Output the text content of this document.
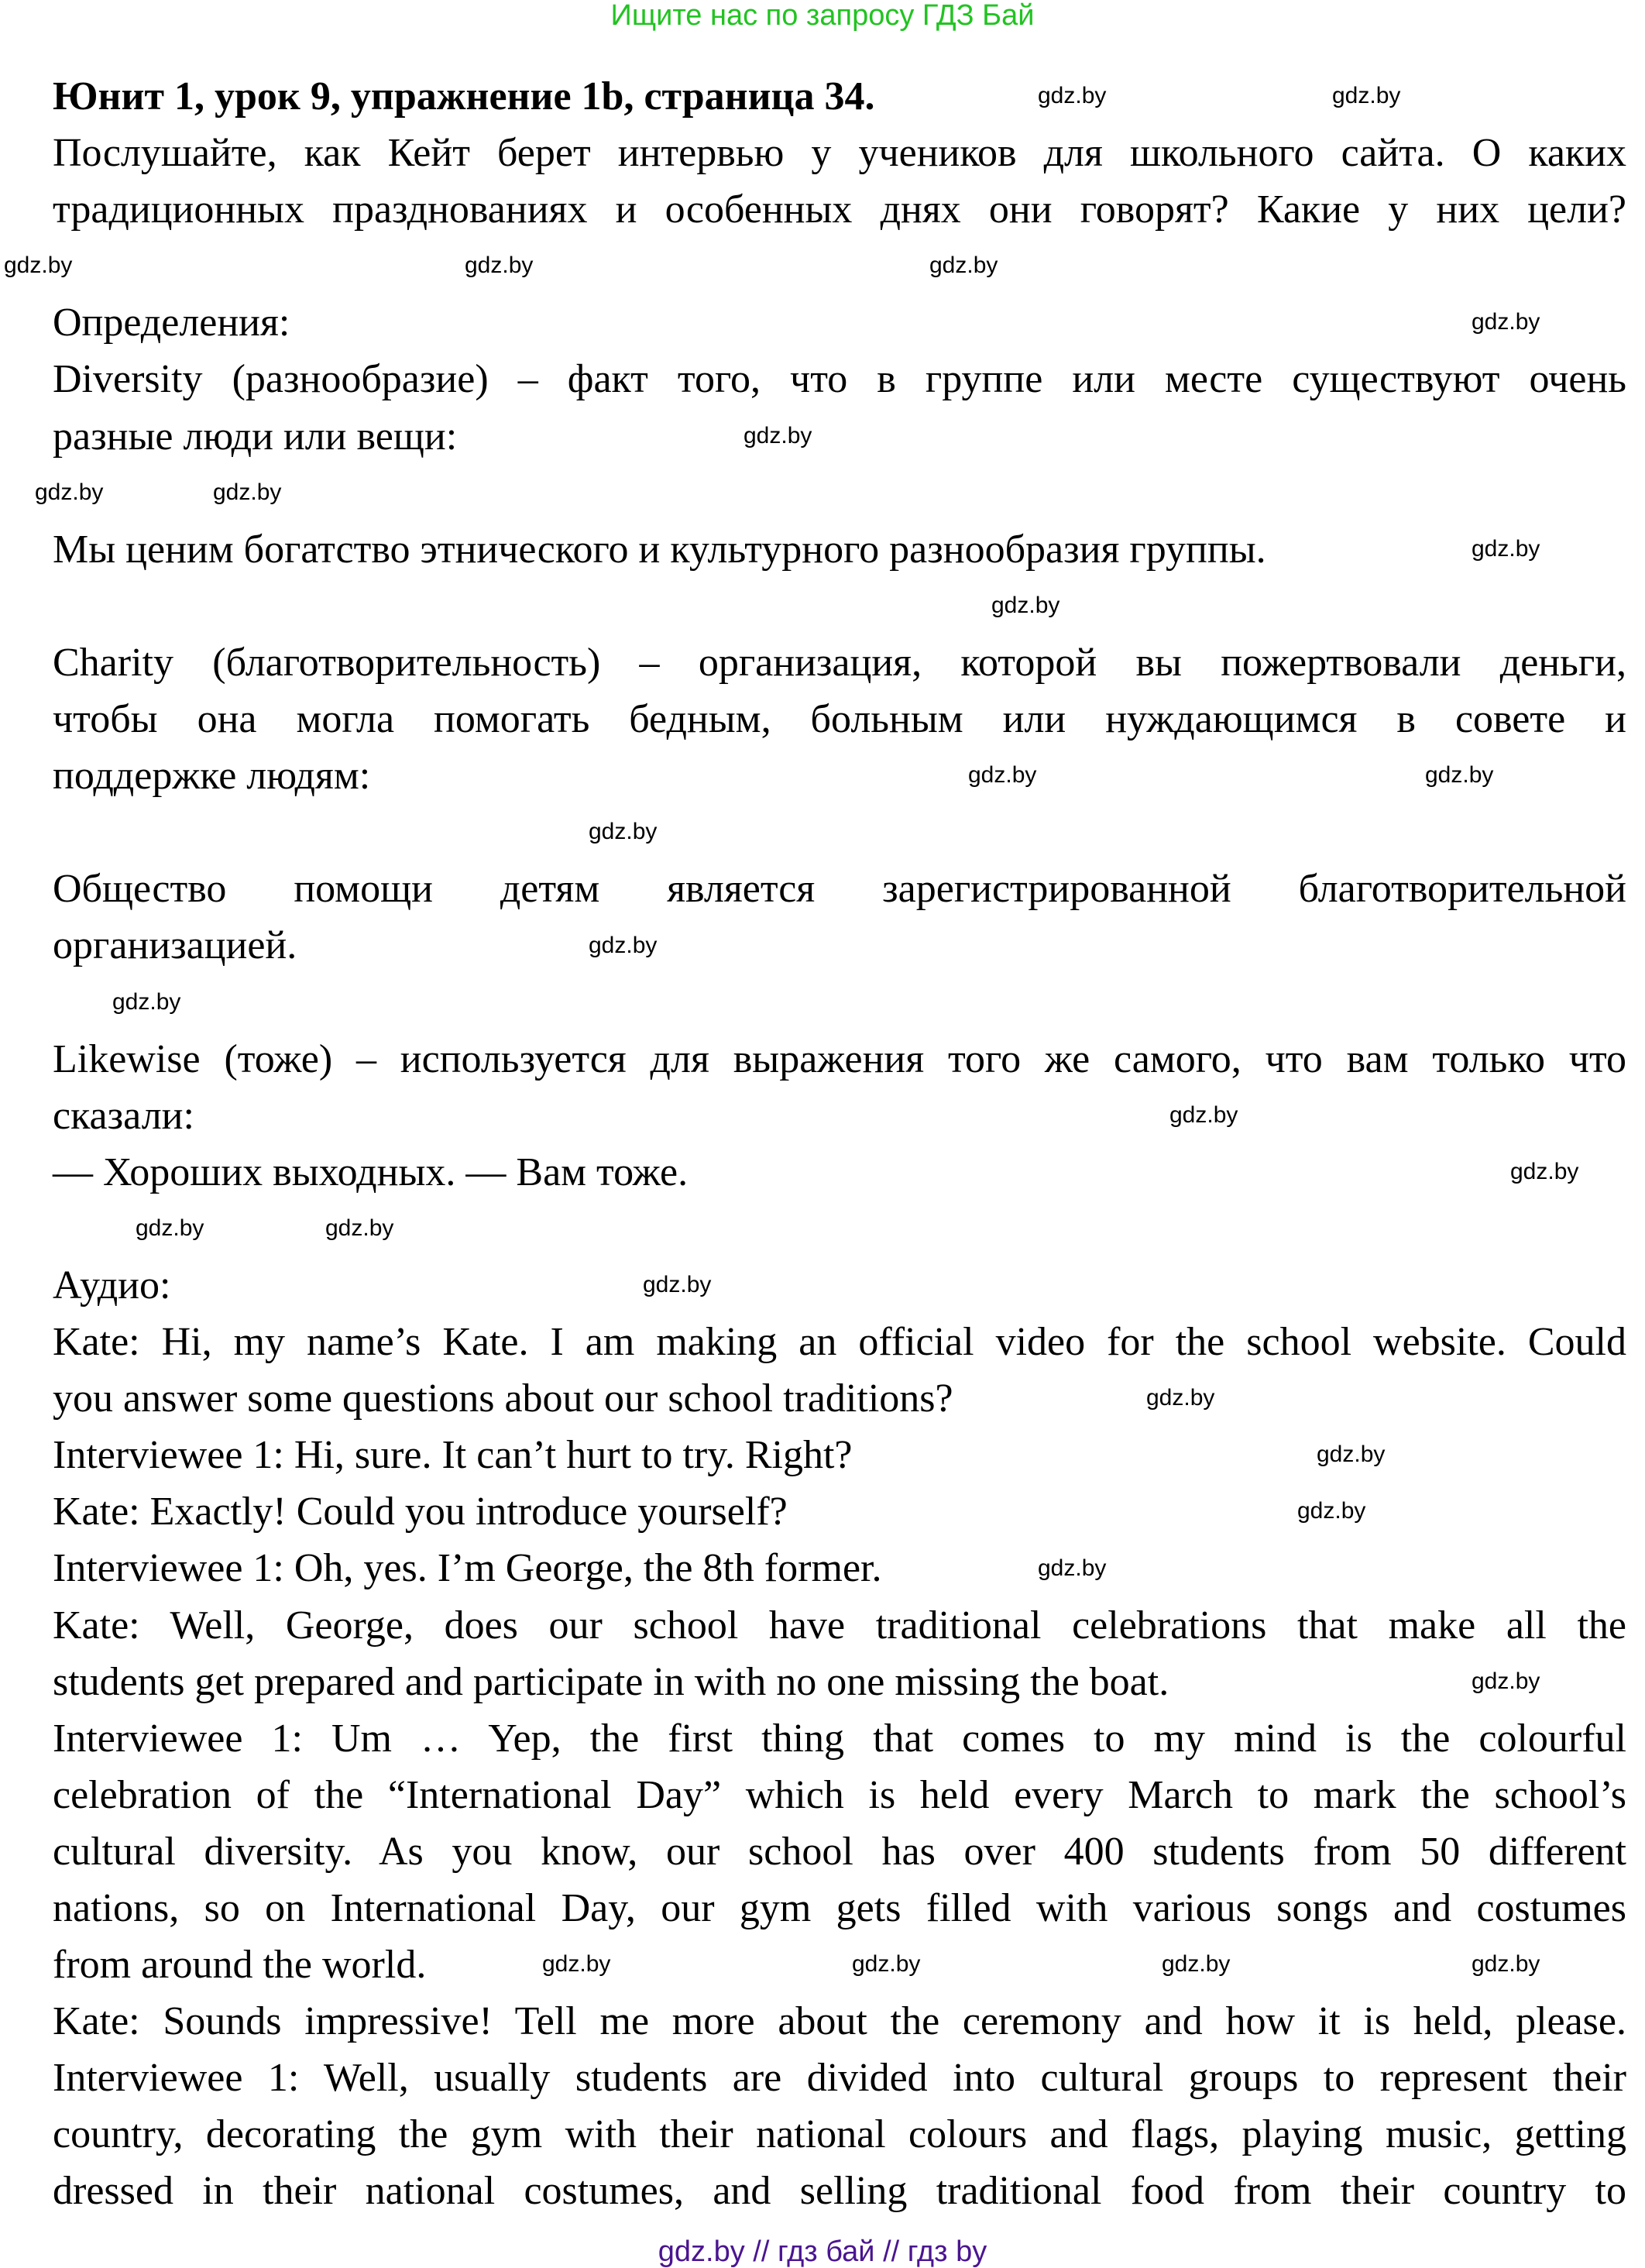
Ищите нас по запросу ГДЗ Бай
Юнит 1, урок 9, упражнение 1b, страница 34.
Послушайте, как Кейт берет интервью у учеников для школьного сайта. О каких
традиционных празднованиях и особенных днях они говорят? Какие у них цели?
Определения:
Diversity (разнообразие) – факт того, что в группе или месте существуют очень
разные люди или вещи:
Мы ценим богатство этнического и культурного разнообразия группы.
Charity (благотворительность) – организация, которой вы пожертвовали деньги,
чтобы она могла помогать бедным, больным или нуждающимся в совете и
поддержке людям:
Общество помощи детям является зарегистрированной благотворительной
организацией.
Likewise (тоже) – используется для выражения того же самого, что вам только что
сказали:
— Хороших выходных. — Вам тоже.
Аудио:
Kate: Hi, my name’s Kate. I am making an official video for the school website. Could
you answer some questions about our school traditions?
Interviewee 1: Hi, sure. It can’t hurt to try. Right?
Kate: Exactly! Could you introduce yourself?
Interviewee 1: Oh, yes. I’m George, the 8th former.
Kate: Well, George, does our school have traditional celebrations that make all the
students get prepared and participate in with no one missing the boat.
Interviewee 1: Um … Yep, the first thing that comes to my mind is the colourful
celebration of the “International Day” which is held every March to mark the school’s
cultural diversity. As you know, our school has over 400 students from 50 different
nations, so on International Day, our gym gets filled with various songs and costumes
from around the world.
Kate: Sounds impressive! Tell me more about the ceremony and how it is held, please.
Interviewee 1: Well, usually students are divided into cultural groups to represent their
country, decorating the gym with their national colours and flags, playing music, getting
dressed in their national costumes, and selling traditional food from their country to
gdz.by	gdz.by
gdz.by	gdz.by	gdz.by
gdz.by
gdz.by
gdz.by	gdz.by
gdz.by
gdz.by
gdz.by	gdz.by
gdz.by
gdz.by
gdz.by
gdz.by
gdz.by
gdz.by	gdz.by
gdz.by
gdz.by
gdz.by
gdz.by
gdz.by
gdz.by
gdz.by	gdz.by	gdz.by	gdz.by
gdz.by // гдз бай // гдз by
